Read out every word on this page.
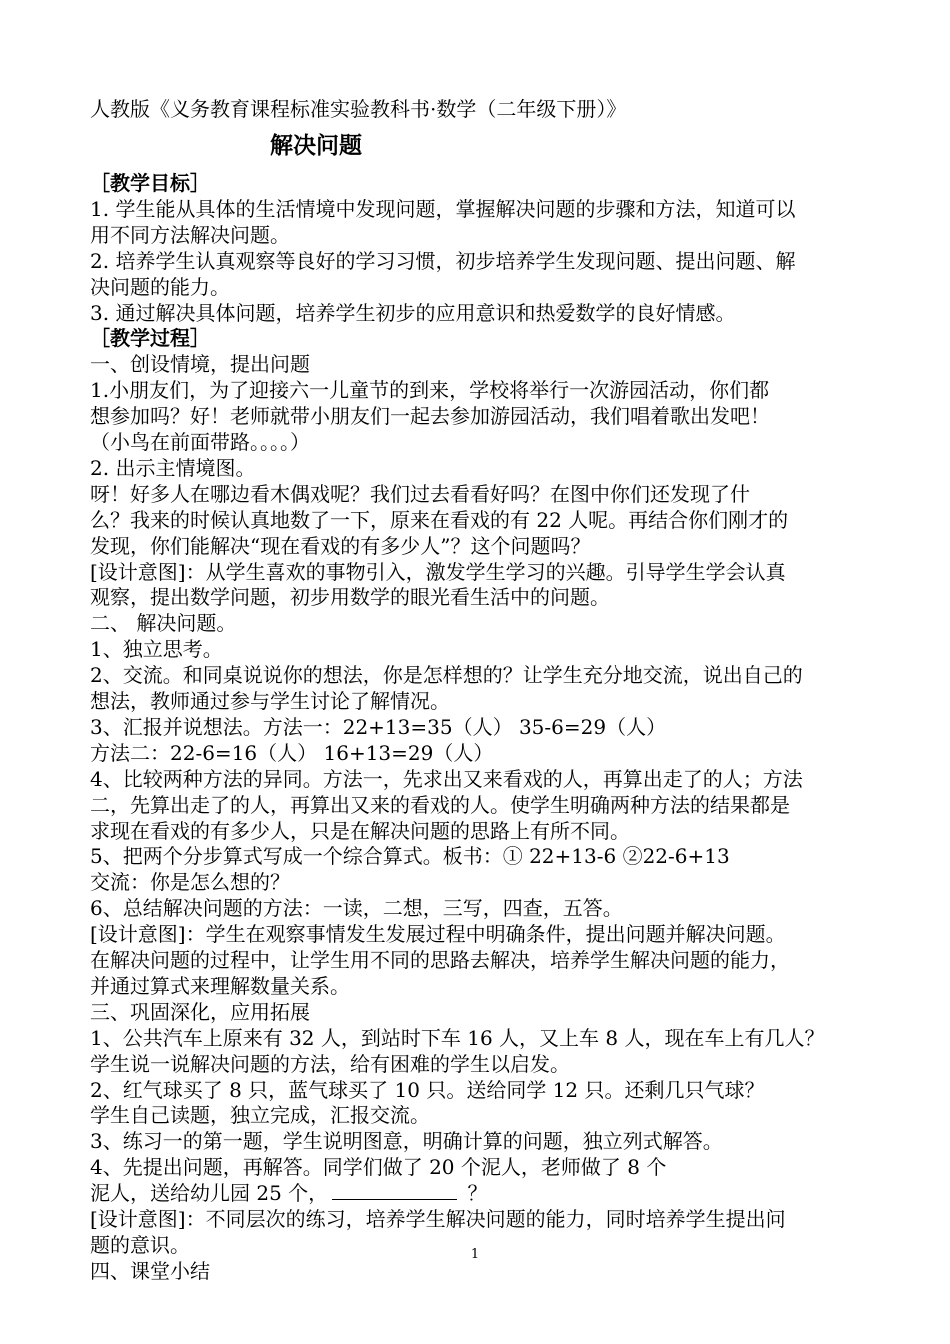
人教版《义务教育课程标准实验教科书·数学（二年级下册）》
解决问题
［教学目标］
1. 学生能从具体的生活情境中发现问题，掌握解决问题的步骤和方法，知道可以
用不同方法解决问题。
2. 培养学生认真观察等良好的学习习惯，初步培养学生发现问题、提出问题、解
决问题的能力。
3. 通过解决具体问题，培养学生初步的应用意识和热爱数学的良好情感。
［教学过程］
一、创设情境，提出问题
1.小朋友们，为了迎接六一儿童节的到来，学校将举行一次游园活动，你们都
想参加吗？好！老师就带小朋友们一起去参加游园活动，我们唱着歌出发吧！
（小鸟在前面带路。。。。）
2. 出示主情境图。
呀！好多人在哪边看木偶戏呢？我们过去看看好吗？在图中你们还发现了什
么？我来的时候认真地数了一下，原来在看戏的有 22 人呢。再结合你们刚才的
发现，你们能解决“现在看戏的有多少人”？这个问题吗？
[设计意图]：从学生喜欢的事物引入，激发学生学习的兴趣。引导学生学会认真
观察，提出数学问题，初步用数学的眼光看生活中的问题。
二、 解决问题。
1、独立思考。
2、交流。和同桌说说你的想法，你是怎样想的？让学生充分地交流，说出自己的
想法，教师通过参与学生讨论了解情况。
3、汇报并说想法。方法一：22+13=35（人） 35-6=29（人）
方法二：22-6=16（人） 16+13=29（人）
4、比较两种方法的异同。方法一，先求出又来看戏的人，再算出走了的人；方法
二，先算出走了的人，再算出又来的看戏的人。使学生明确两种方法的结果都是
求现在看戏的有多少人，只是在解决问题的思路上有所不同。
5、把两个分步算式写成一个综合算式。板书：① 22+13-6 ②22-6+13
交流：你是怎么想的？
6、总结解决问题的方法：一读，二想，三写，四查，五答。
[设计意图]：学生在观察事情发生发展过程中明确条件，提出问题并解决问题。
在解决问题的过程中，让学生用不同的思路去解决，培养学生解决问题的能力，
并通过算式来理解数量关系。
三、巩固深化，应用拓展
1、公共汽车上原来有 32 人，到站时下车 16 人，又上车 8 人，现在车上有几人？
学生说一说解决问题的方法，给有困难的学生以启发。
2、红气球买了 8 只，蓝气球买了 10 只。送给同学 12 只。还剩几只气球？
学生自己读题，独立完成，汇报交流。
3、练习一的第一题，学生说明图意，明确计算的问题，独立列式解答。
4、先提出问题，再解答。同学们做了 20 个泥人，老师做了 8 个
泥人，送给幼儿园 25 个，	？
[设计意图]：不同层次的练习，培养学生解决问题的能力，同时培养学生提出问
题的意识。
四、课堂小结
1
